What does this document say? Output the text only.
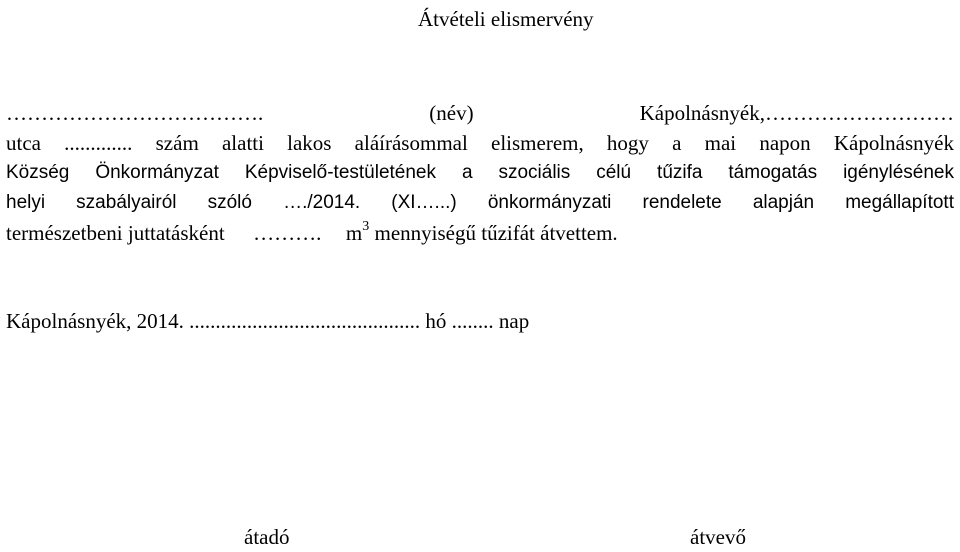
Átvételi elismervény
………………………………. (név) Kápolnásnyék,………………………
utca ............. szám alatti lakos aláírásommal elismerem, hogy a mai napon Kápolnásnyék
Község Önkormányzat Képviselő-testületének a szociális célú tűzifa támogatás igénylésének
helyi szabályairól szóló …./2014. (XI…...) önkormányzati rendelete alapján megállapított
természetbeni juttatásként ………. $m^3$ mennyiségű tűzifát átvettem.
Kápolnásnyék, 2014. ............................................ hó ........ nap
átadó	átvevő
